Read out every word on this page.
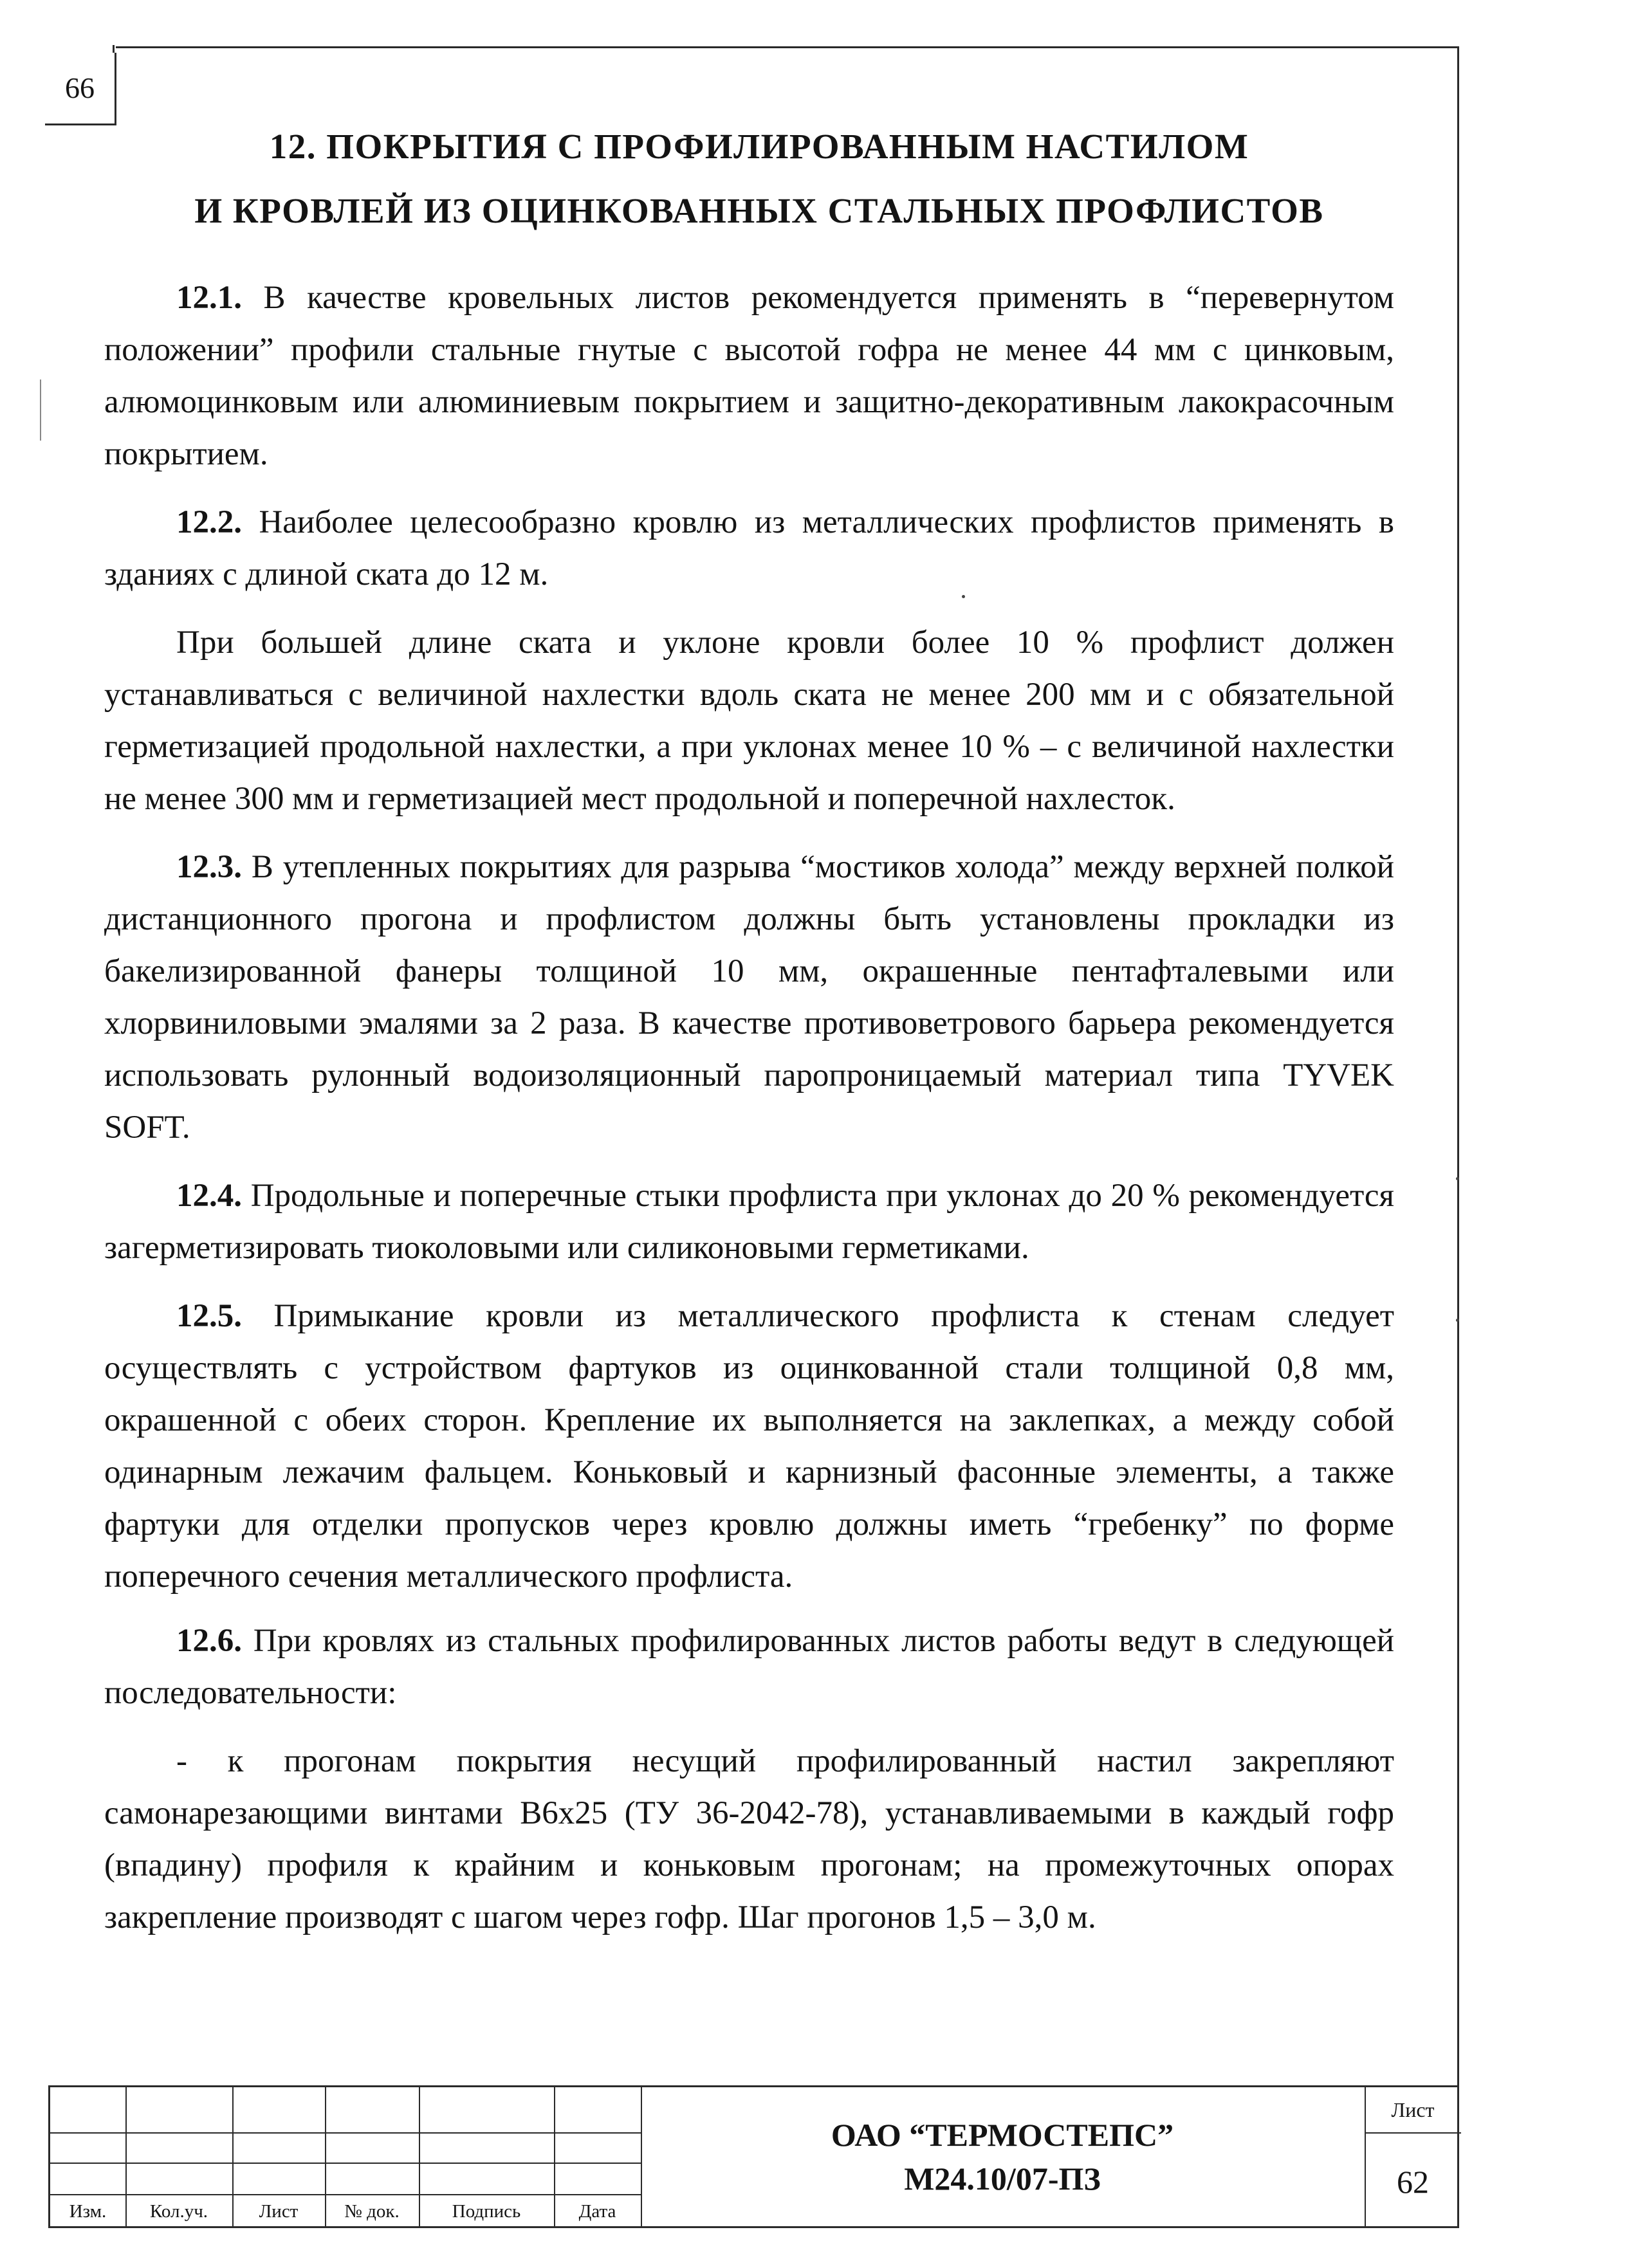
66
12. ПОКРЫТИЯ С ПРОФИЛИРОВАННЫМ НАСТИЛОМ
И КРОВЛЕЙ ИЗ ОЦИНКОВАННЫХ СТАЛЬНЫХ ПРОФЛИСТОВ

12.1. В качестве кровельных листов рекомендуется применять в “перевернутом положении” профили стальные гнутые с высотой гофра не менее 44 мм с цинковым, алюмоцинковым или алюминиевым покрытием и защитно-декоративным лакокрасочным покрытием.

12.2. Наиболее целесообразно кровлю из металлических профлистов применять в зданиях с длиной ската до 12 м.

При большей длине ската и уклоне кровли более 10 % профлист должен устанавливаться с величиной нахлестки вдоль ската не менее 200 мм и с обязательной герметизацией продольной нахлестки, а при уклонах менее 10 % – с величиной нахлестки не менее 300 мм и герметизацией мест продольной и поперечной нахлесток.

12.3. В утепленных покрытиях для разрыва “мостиков холода” между верхней полкой дистанционного прогона и профлистом должны быть установлены прокладки из бакелизированной фанеры толщиной 10 мм, окрашенные пентафталевыми или хлорвиниловыми эмалями за 2 раза. В качестве противоветрового барьера рекомендуется использовать рулонный водоизоляционный паропроницаемый материал типа TYVEK SOFT.

12.4. Продольные и поперечные стыки профлиста при уклонах до 20 % рекомендуется загерметизировать тиоколовыми или силиконовыми герметиками.

12.5. Примыкание кровли из металлического профлиста к стенам следует осуществлять с устройством фартуков из оцинкованной стали толщиной 0,8 мм, окрашенной с обеих сторон. Крепление их выполняется на заклепках, а между собой одинарным лежачим фальцем. Коньковый и карнизный фасонные элементы, а также фартуки для отделки пропусков через кровлю должны иметь “гребенку” по форме поперечного сечения металлического профлиста.

12.6. При кровлях из стальных профилированных листов работы ведут в следующей последовательности:

- к прогонам покрытия несущий профилированный настил закрепляют самонарезающими винтами В6х25 (ТУ 36-2042-78), устанавливаемыми в каждый гофр (впадину) профиля к крайним и коньковым прогонам; на промежуточных опорах закрепление производят с шагом через гофр. Шаг прогонов 1,5 – 3,0 м.

Изм.	Кол.уч.	Лист	№ док.	Подпись	Дата
ОАО “ТЕРМОСТЕПС”
М24.10/07-ПЗ
Лист
62
